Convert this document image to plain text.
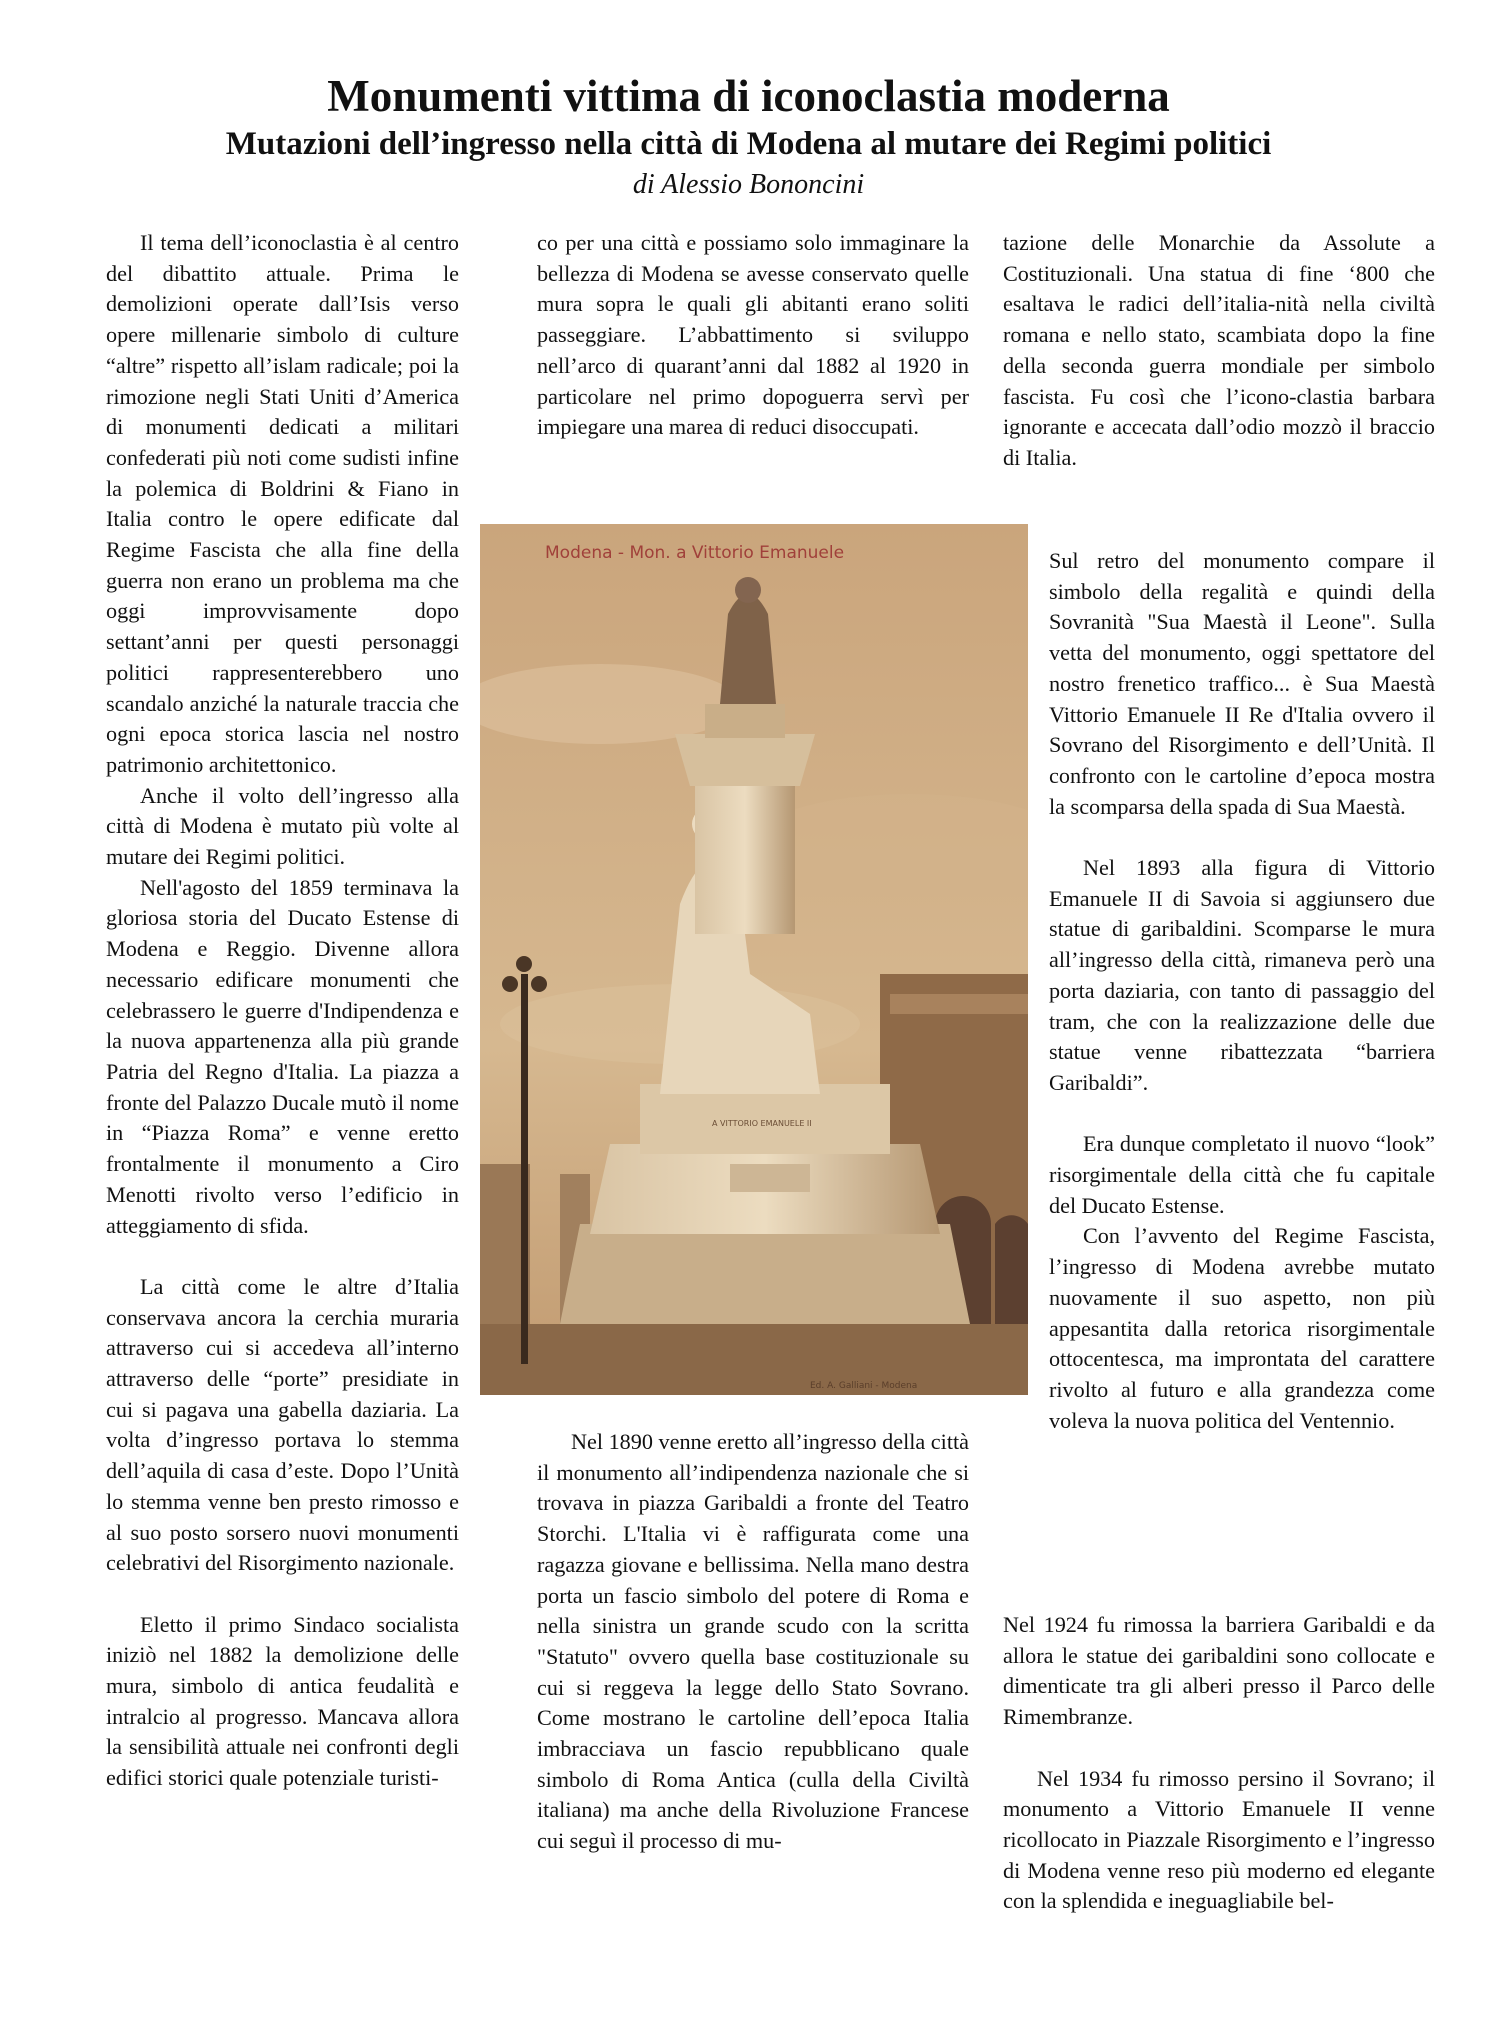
Monumenti vittima di iconoclastia moderna
Mutazioni dell’ingresso nella città di Modena al mutare dei Regimi politici
di Alessio Bononcini

Il tema dell’iconoclastia è al centro del dibattito attuale. Prima le demolizioni operate dall’Isis verso opere millenarie simbolo di culture “altre” rispetto all’islam radicale; poi la rimozione negli Stati Uniti d’America di monumenti dedicati a militari confederati più noti come sudisti infine la polemica di Boldrini & Fiano in Italia contro le opere edificate dal Regime Fascista che alla fine della guerra non erano un problema ma che oggi improvvisamente dopo settant’anni per questi personaggi politici rappresenterebbero uno scandalo anziché la naturale traccia che ogni epoca storica lascia nel nostro patrimonio architettonico.

Anche il volto dell’ingresso alla città di Modena è mutato più volte al mutare dei Regimi politici.

Nell'agosto del 1859 terminava la gloriosa storia del Ducato Estense di Modena e Reggio. Divenne allora necessario edificare monumenti che celebrassero le guerre d'Indipendenza e la nuova appartenenza alla più grande Patria del Regno d'Italia. La piazza a fronte del Palazzo Ducale mutò il nome in “Piazza Roma” e venne eretto frontalmente il monumento a Ciro Menotti rivolto verso l’edificio in atteggiamento di sfida.

La città come le altre d’Italia conservava ancora la cerchia muraria attraverso cui si accedeva all’interno attraverso delle “porte” presidiate in cui si pagava una gabella daziaria. La volta d’ingresso portava lo stemma dell’aquila di casa d’este. Dopo l’Unità lo stemma venne ben presto rimosso e al suo posto sorsero nuovi monumenti celebrativi del Risorgimento nazionale.

Eletto il primo Sindaco socialista iniziò nel 1882 la demolizione delle mura, simbolo di antica feudalità e intralcio al progresso. Mancava allora la sensibilità attuale nei confronti degli edifici storici quale potenziale turisti-

co per una città e possiamo solo immaginare la bellezza di Modena se avesse conservato quelle mura sopra le quali gli abitanti erano soliti passeggiare. L’abbattimento si sviluppo nell’arco di quarant’anni dal 1882 al 1920 in particolare nel primo dopoguerra servì per impiegare una marea di reduci disoccupati.

Nel 1890 venne eretto all’ingresso della città il monumento all’indipendenza nazionale che si trovava in piazza Garibaldi a fronte del Teatro Storchi. L'Italia vi è raffigurata come una ragazza giovane e bellissima. Nella mano destra porta un fascio simbolo del potere di Roma e nella sinistra un grande scudo con la scritta "Statuto" ovvero quella base costituzionale su cui si reggeva la legge dello Stato Sovrano. Come mostrano le cartoline dell’epoca Italia imbracciava un fascio repubblicano quale simbolo di Roma Antica (culla della Civiltà italiana) ma anche della Rivoluzione Francese cui seguì il processo di mu-

tazione delle Monarchie da Assolute a Costituzionali. Una statua di fine ‘800 che esaltava le radici dell’italia-nità nella civiltà romana e nello stato, scambiata dopo la fine della seconda guerra mondiale per simbolo fascista. Fu così che l’icono-clastia barbara ignorante e accecata dall’odio mozzò il braccio di Italia.

Sul retro del monumento compare il simbolo della regalità e quindi della Sovranità "Sua Maestà il Leone". Sulla vetta del monumento, oggi spettatore del nostro frenetico traffico... è Sua Maestà Vittorio Emanuele II Re d'Italia ovvero il Sovrano del Risorgimento e dell’Unità. Il confronto con le cartoline d’epoca mostra la scomparsa della spada di Sua Maestà.

Nel 1893 alla figura di Vittorio Emanuele II di Savoia si aggiunsero due statue di garibaldini. Scomparse le mura all’ingresso della città, rimaneva però una porta daziaria, con tanto di passaggio del tram, che con la realizzazione delle due statue venne ribattezzata “barriera Garibaldi”.

Era dunque completato il nuovo “look” risorgimentale della città che fu capitale del Ducato Estense.

Con l’avvento del Regime Fascista, l’ingresso di Modena avrebbe mutato nuovamente il suo aspetto, non più appesantita dalla retorica risorgimentale ottocentesca, ma improntata del carattere rivolto al futuro e alla grandezza come voleva la nuova politica del Ventennio.

Nel 1924 fu rimossa la barriera Garibaldi e da allora le statue dei garibaldini sono collocate e dimenticate tra gli alberi presso il Parco delle Rimembranze.

Nel 1934 fu rimosso persino il Sovrano; il monumento a Vittorio Emanuele II venne ricollocato in Piazzale Risorgimento e l’ingresso di Modena venne reso più moderno ed elegante con la splendida e ineguagliabile bel-

Modena - Mon. a Vittorio Emanuele
A VITTORIO EMANUELE II
Ed. A. Galliani - Modena
